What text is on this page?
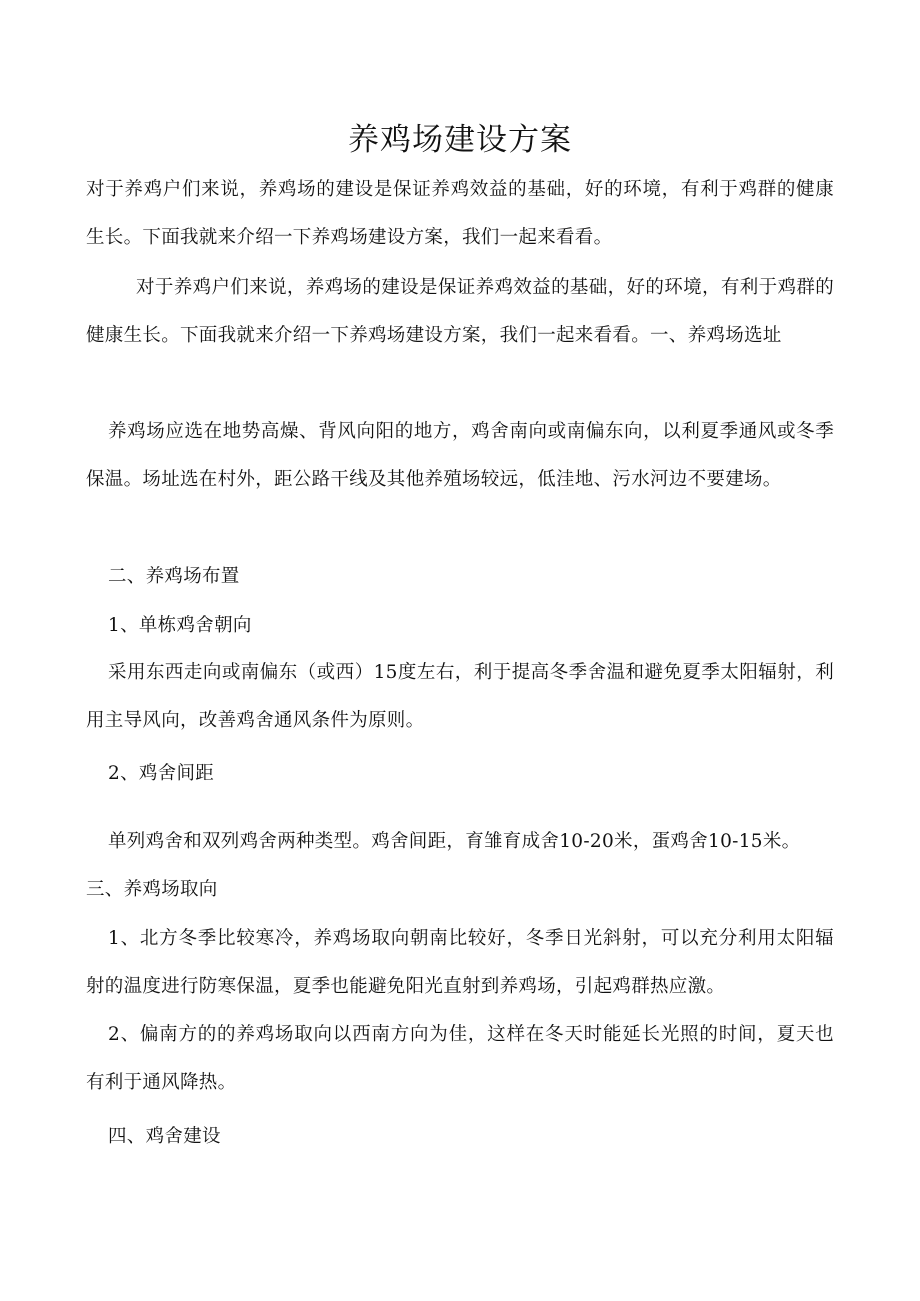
养鸡场建设方案

对于养鸡户们来说，养鸡场的建设是保证养鸡效益的基础，好的环境，有利于鸡群的健康生长。下面我就来介绍一下养鸡场建设方案，我们一起来看看。

对于养鸡户们来说，养鸡场的建设是保证养鸡效益的基础，好的环境，有利于鸡群的健康生长。下面我就来介绍一下养鸡场建设方案，我们一起来看看。一、养鸡场选址

养鸡场应选在地势高燥、背风向阳的地方，鸡舍南向或南偏东向，以利夏季通风或冬季保温。场址选在村外，距公路干线及其他养殖场较远，低洼地、污水河边不要建场。

二、养鸡场布置

1、单栋鸡舍朝向

采用东西走向或南偏东（或西）15度左右，利于提高冬季舍温和避免夏季太阳辐射，利用主导风向，改善鸡舍通风条件为原则。

2、鸡舍间距

单列鸡舍和双列鸡舍两种类型。鸡舍间距，育雏育成舍10-20米，蛋鸡舍10-15米。

三、养鸡场取向

1、北方冬季比较寒冷，养鸡场取向朝南比较好，冬季日光斜射，可以充分利用太阳辐射的温度进行防寒保温，夏季也能避免阳光直射到养鸡场，引起鸡群热应激。

2、偏南方的的养鸡场取向以西南方向为佳，这样在冬天时能延长光照的时间，夏天也有利于通风降热。

四、鸡舍建设
